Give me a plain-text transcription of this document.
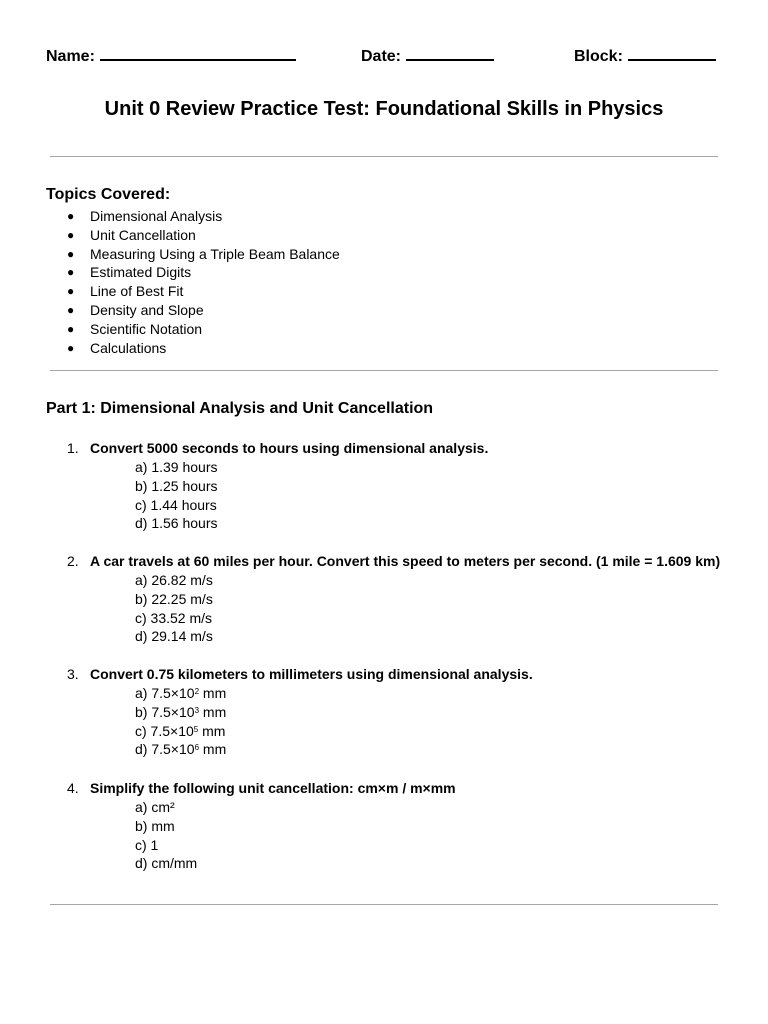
Name:	Date:	Block:
Unit 0 Review Practice Test: Foundational Skills in Physics
Topics Covered:
● Dimensional Analysis
● Unit Cancellation
● Measuring Using a Triple Beam Balance
● Estimated Digits
● Line of Best Fit
● Density and Slope
● Scientific Notation
● Calculations
Part 1: Dimensional Analysis and Unit Cancellation
1. Convert 5000 seconds to hours using dimensional analysis.
a) 1.39 hours
b) 1.25 hours
c) 1.44 hours
d) 1.56 hours
2. A car travels at 60 miles per hour. Convert this speed to meters per second. (1 mile = 1.609 km)
a) 26.82 m/s
b) 22.25 m/s
c) 33.52 m/s
d) 29.14 m/s
3. Convert 0.75 kilometers to millimeters using dimensional analysis.
a) $7.5\times 10^2$ mm
b) $7.5\times 10^3$ mm
c) $7.5\times 10^5$ mm
d) $7.5\times 10^6$ mm
4. Simplify the following unit cancellation: cm×m / m×mm
a) cm²
b) mm
c) 1
d) cm/mm
